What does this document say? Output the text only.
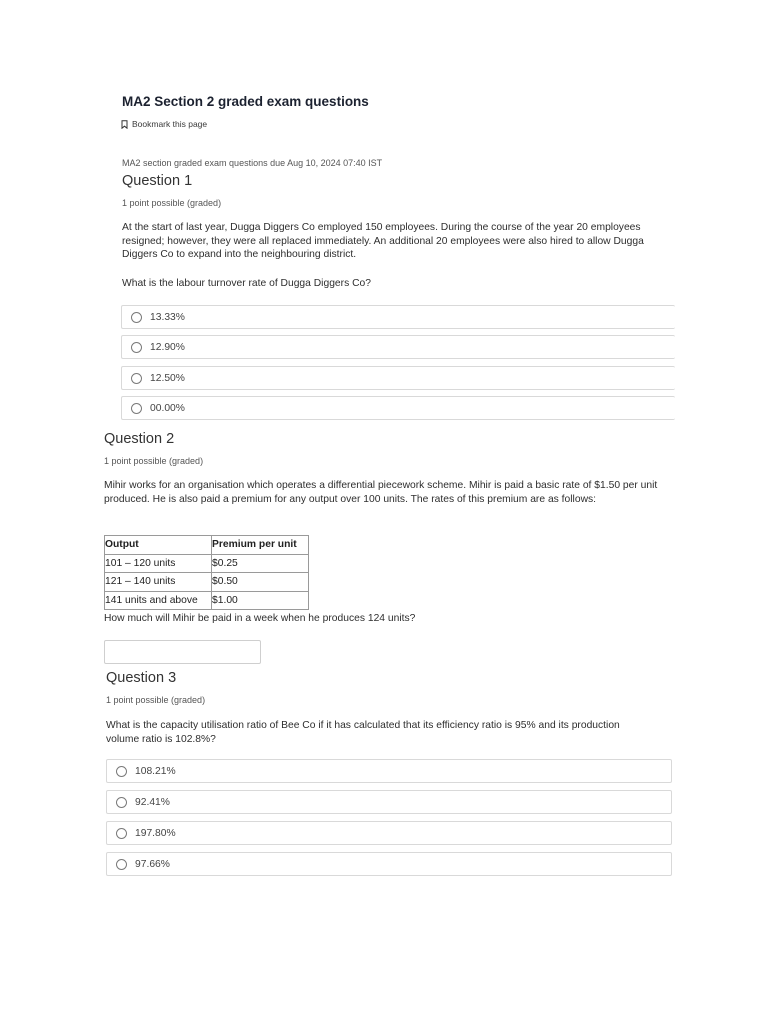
MA2 Section 2 graded exam questions
Bookmark this page
MA2 section graded exam questions due Aug 10, 2024 07:40 IST
Question 1
1 point possible (graded)
At the start of last year, Dugga Diggers Co employed 150 employees. During the course of the year 20 employees resigned; however, they were all replaced immediately. An additional 20 employees were also hired to allow Dugga Diggers Co to expand into the neighbouring district.
What is the labour turnover rate of Dugga Diggers Co?
13.33%
12.90%
12.50%
00.00%
Question 2
1 point possible (graded)
Mihir works for an organisation which operates a differential piecework scheme. Mihir is paid a basic rate of $1.50 per unit produced. He is also paid a premium for any output over 100 units. The rates of this premium are as follows:
Output	Premium per unit
101 – 120 units	$0.25
121 – 140 units	$0.50
141 units and above	$1.00
How much will Mihir be paid in a week when he produces 124 units?
Question 3
1 point possible (graded)
What is the capacity utilisation ratio of Bee Co if it has calculated that its efficiency ratio is 95% and its production volume ratio is 102.8%?
108.21%
92.41%
197.80%
97.66%
